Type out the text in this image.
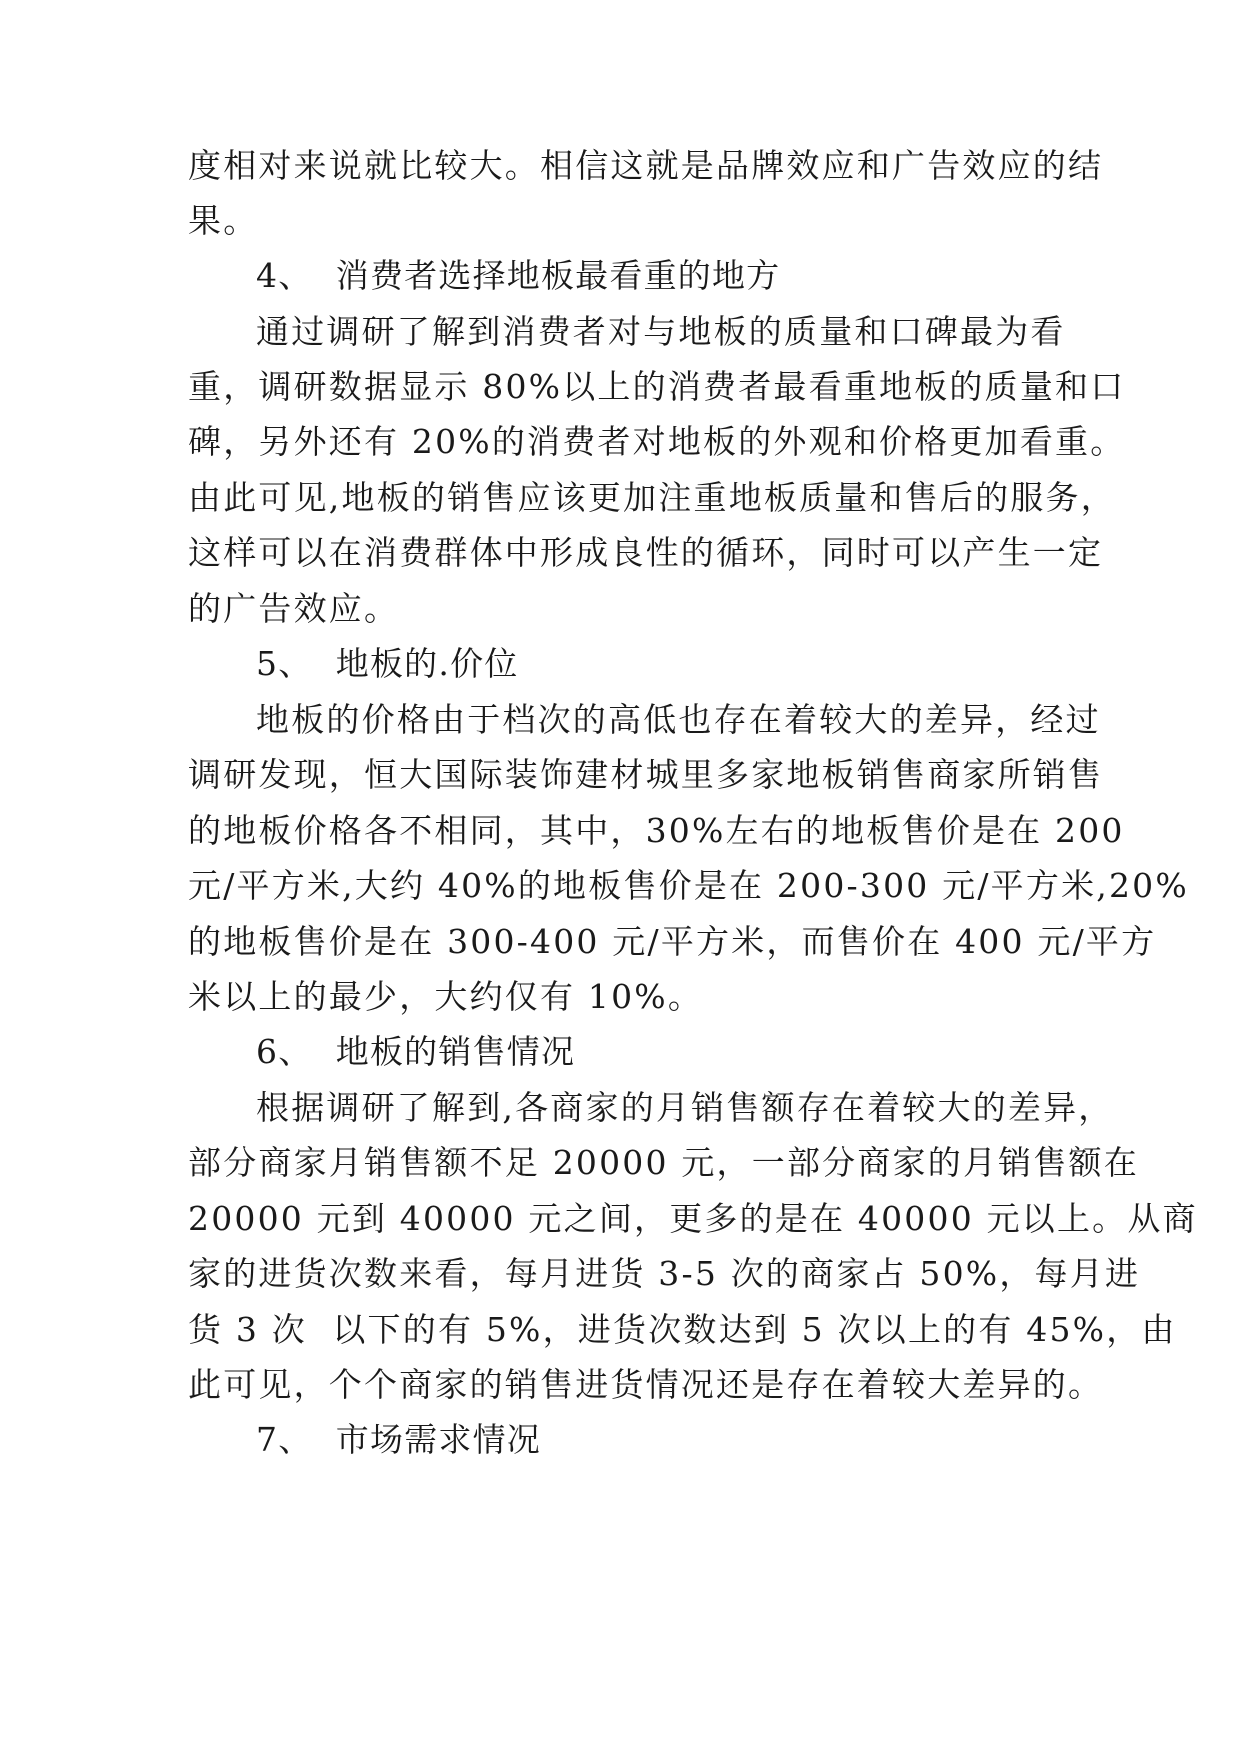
度相对来说就比较大。相信这就是品牌效应和广告效应的结
果。
4、  消费者选择地板最看重的地方
通过调研了解到消费者对与地板的质量和口碑最为看
重，调研数据显示 80%以上的消费者最看重地板的质量和口
碑，另外还有 20%的消费者对地板的外观和价格更加看重。
由此可见,地板的销售应该更加注重地板质量和售后的服务，
这样可以在消费群体中形成良性的循环，同时可以产生一定
的广告效应。
5、  地板的.价位
地板的价格由于档次的高低也存在着较大的差异，经过
调研发现，恒大国际装饰建材城里多家地板销售商家所销售
的地板价格各不相同，其中，30%左右的地板售价是在 200
元/平方米,大约 40%的地板售价是在 200-300 元/平方米,20%
的地板售价是在 300-400 元/平方米，而售价在 400 元/平方
米以上的最少，大约仅有 10%。
6、  地板的销售情况
根据调研了解到,各商家的月销售额存在着较大的差异，
部分商家月销售额不足 20000 元，一部分商家的月销售额在
20000 元到 40000 元之间，更多的是在 40000 元以上。从商
家的进货次数来看，每月进货 3-5 次的商家占 50%，每月进
货 3 次  以下的有 5%，进货次数达到 5 次以上的有 45%，由
此可见，个个商家的销售进货情况还是存在着较大差异的。
7、  市场需求情况
